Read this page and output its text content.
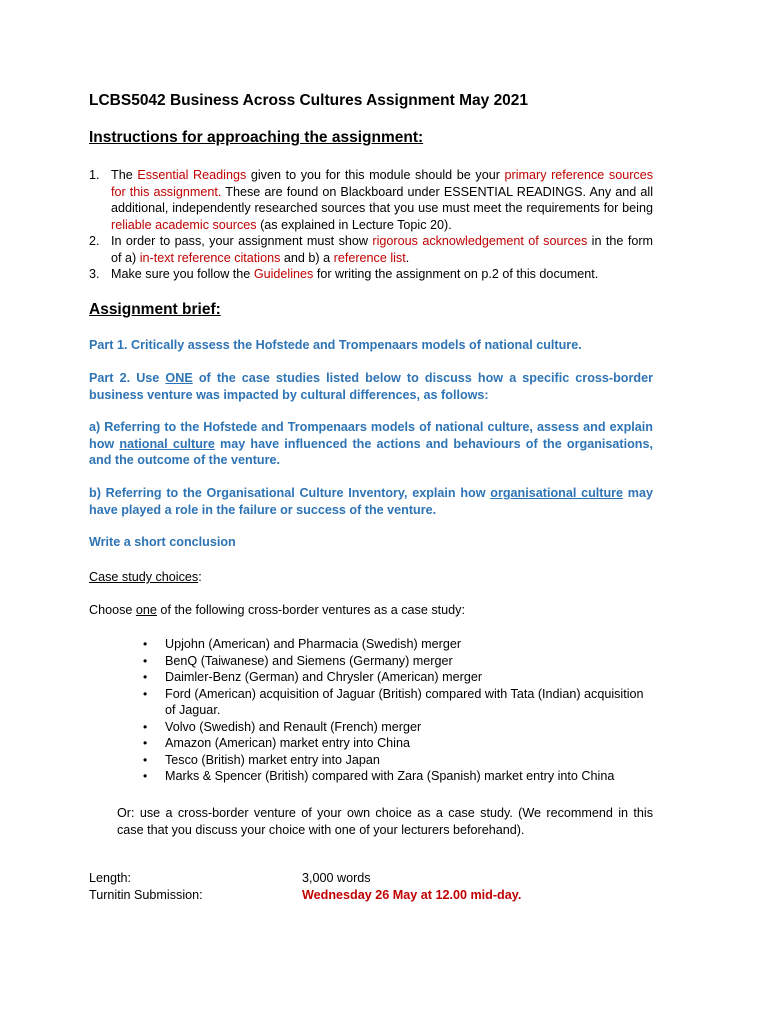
LCBS5042 Business Across Cultures Assignment May 2021
Instructions for approaching the assignment:
1. The Essential Readings given to you for this module should be your primary reference sources for this assignment. These are found on Blackboard under ESSENTIAL READINGS. Any and all additional, independently researched sources that you use must meet the requirements for being reliable academic sources (as explained in Lecture Topic 20).
2. In order to pass, your assignment must show rigorous acknowledgement of sources in the form of a) in-text reference citations and b) a reference list.
3. Make sure you follow the Guidelines for writing the assignment on p.2 of this document.
Assignment brief:
Part 1. Critically assess the Hofstede and Trompenaars models of national culture.
Part 2. Use ONE of the case studies listed below to discuss how a specific cross-border business venture was impacted by cultural differences, as follows:
a) Referring to the Hofstede and Trompenaars models of national culture, assess and explain how national culture may have influenced the actions and behaviours of the organisations, and the outcome of the venture.
b) Referring to the Organisational Culture Inventory, explain how organisational culture may have played a role in the failure or success of the venture.
Write a short conclusion
Case study choices:
Choose one of the following cross-border ventures as a case study:
• Upjohn (American) and Pharmacia (Swedish) merger
• BenQ (Taiwanese) and Siemens (Germany) merger
• Daimler-Benz (German) and Chrysler (American) merger
• Ford (American) acquisition of Jaguar (British) compared with Tata (Indian) acquisition of Jaguar.
• Volvo (Swedish) and Renault (French) merger
• Amazon (American) market entry into China
• Tesco (British) market entry into Japan
• Marks & Spencer (British) compared with Zara (Spanish) market entry into China
Or: use a cross-border venture of your own choice as a case study. (We recommend in this case that you discuss your choice with one of your lecturers beforehand).
Length:	3,000 words
Turnitin Submission:	Wednesday 26 May at 12.00 mid-day.
